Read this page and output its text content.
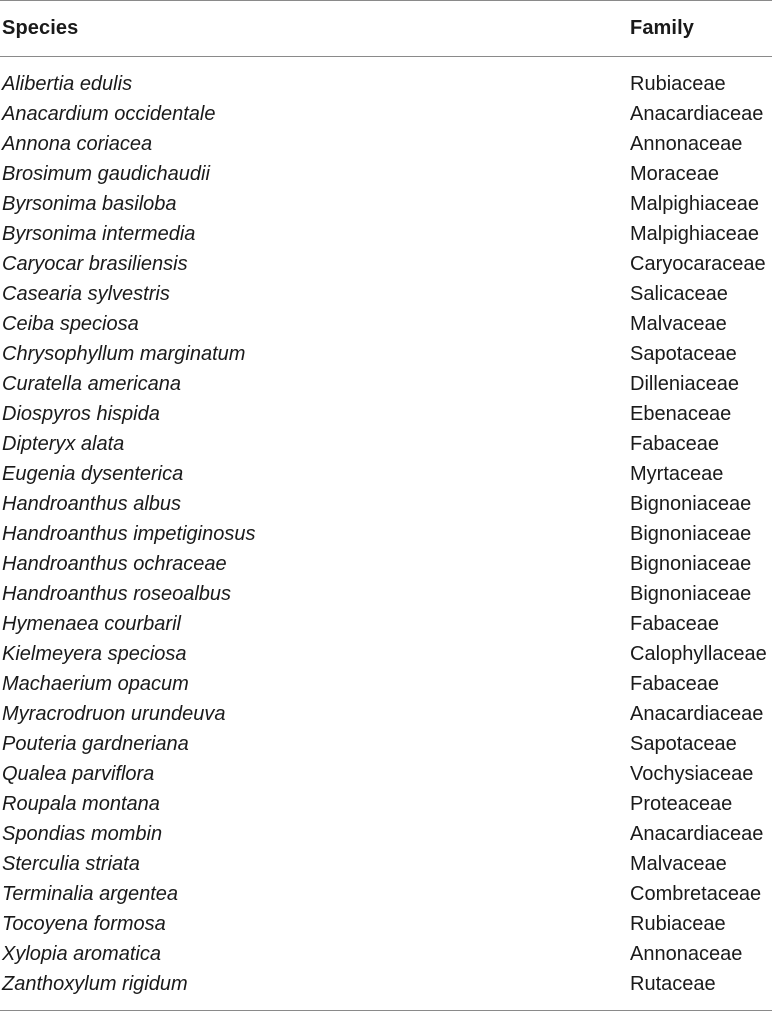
Species	Family
Alibertia edulis	Rubiaceae
Anacardium occidentale	Anacardiaceae
Annona coriacea	Annonaceae
Brosimum gaudichaudii	Moraceae
Byrsonima basiloba	Malpighiaceae
Byrsonima intermedia	Malpighiaceae
Caryocar brasiliensis	Caryocaraceae
Casearia sylvestris	Salicaceae
Ceiba speciosa	Malvaceae
Chrysophyllum marginatum	Sapotaceae
Curatella americana	Dilleniaceae
Diospyros hispida	Ebenaceae
Dipteryx alata	Fabaceae
Eugenia dysenterica	Myrtaceae
Handroanthus albus	Bignoniaceae
Handroanthus impetiginosus	Bignoniaceae
Handroanthus ochraceae	Bignoniaceae
Handroanthus roseoalbus	Bignoniaceae
Hymenaea courbaril	Fabaceae
Kielmeyera speciosa	Calophyllaceae
Machaerium opacum	Fabaceae
Myracrodruon urundeuva	Anacardiaceae
Pouteria gardneriana	Sapotaceae
Qualea parviflora	Vochysiaceae
Roupala montana	Proteaceae
Spondias mombin	Anacardiaceae
Sterculia striata	Malvaceae
Terminalia argentea	Combretaceae
Tocoyena formosa	Rubiaceae
Xylopia aromatica	Annonaceae
Zanthoxylum rigidum	Rutaceae
